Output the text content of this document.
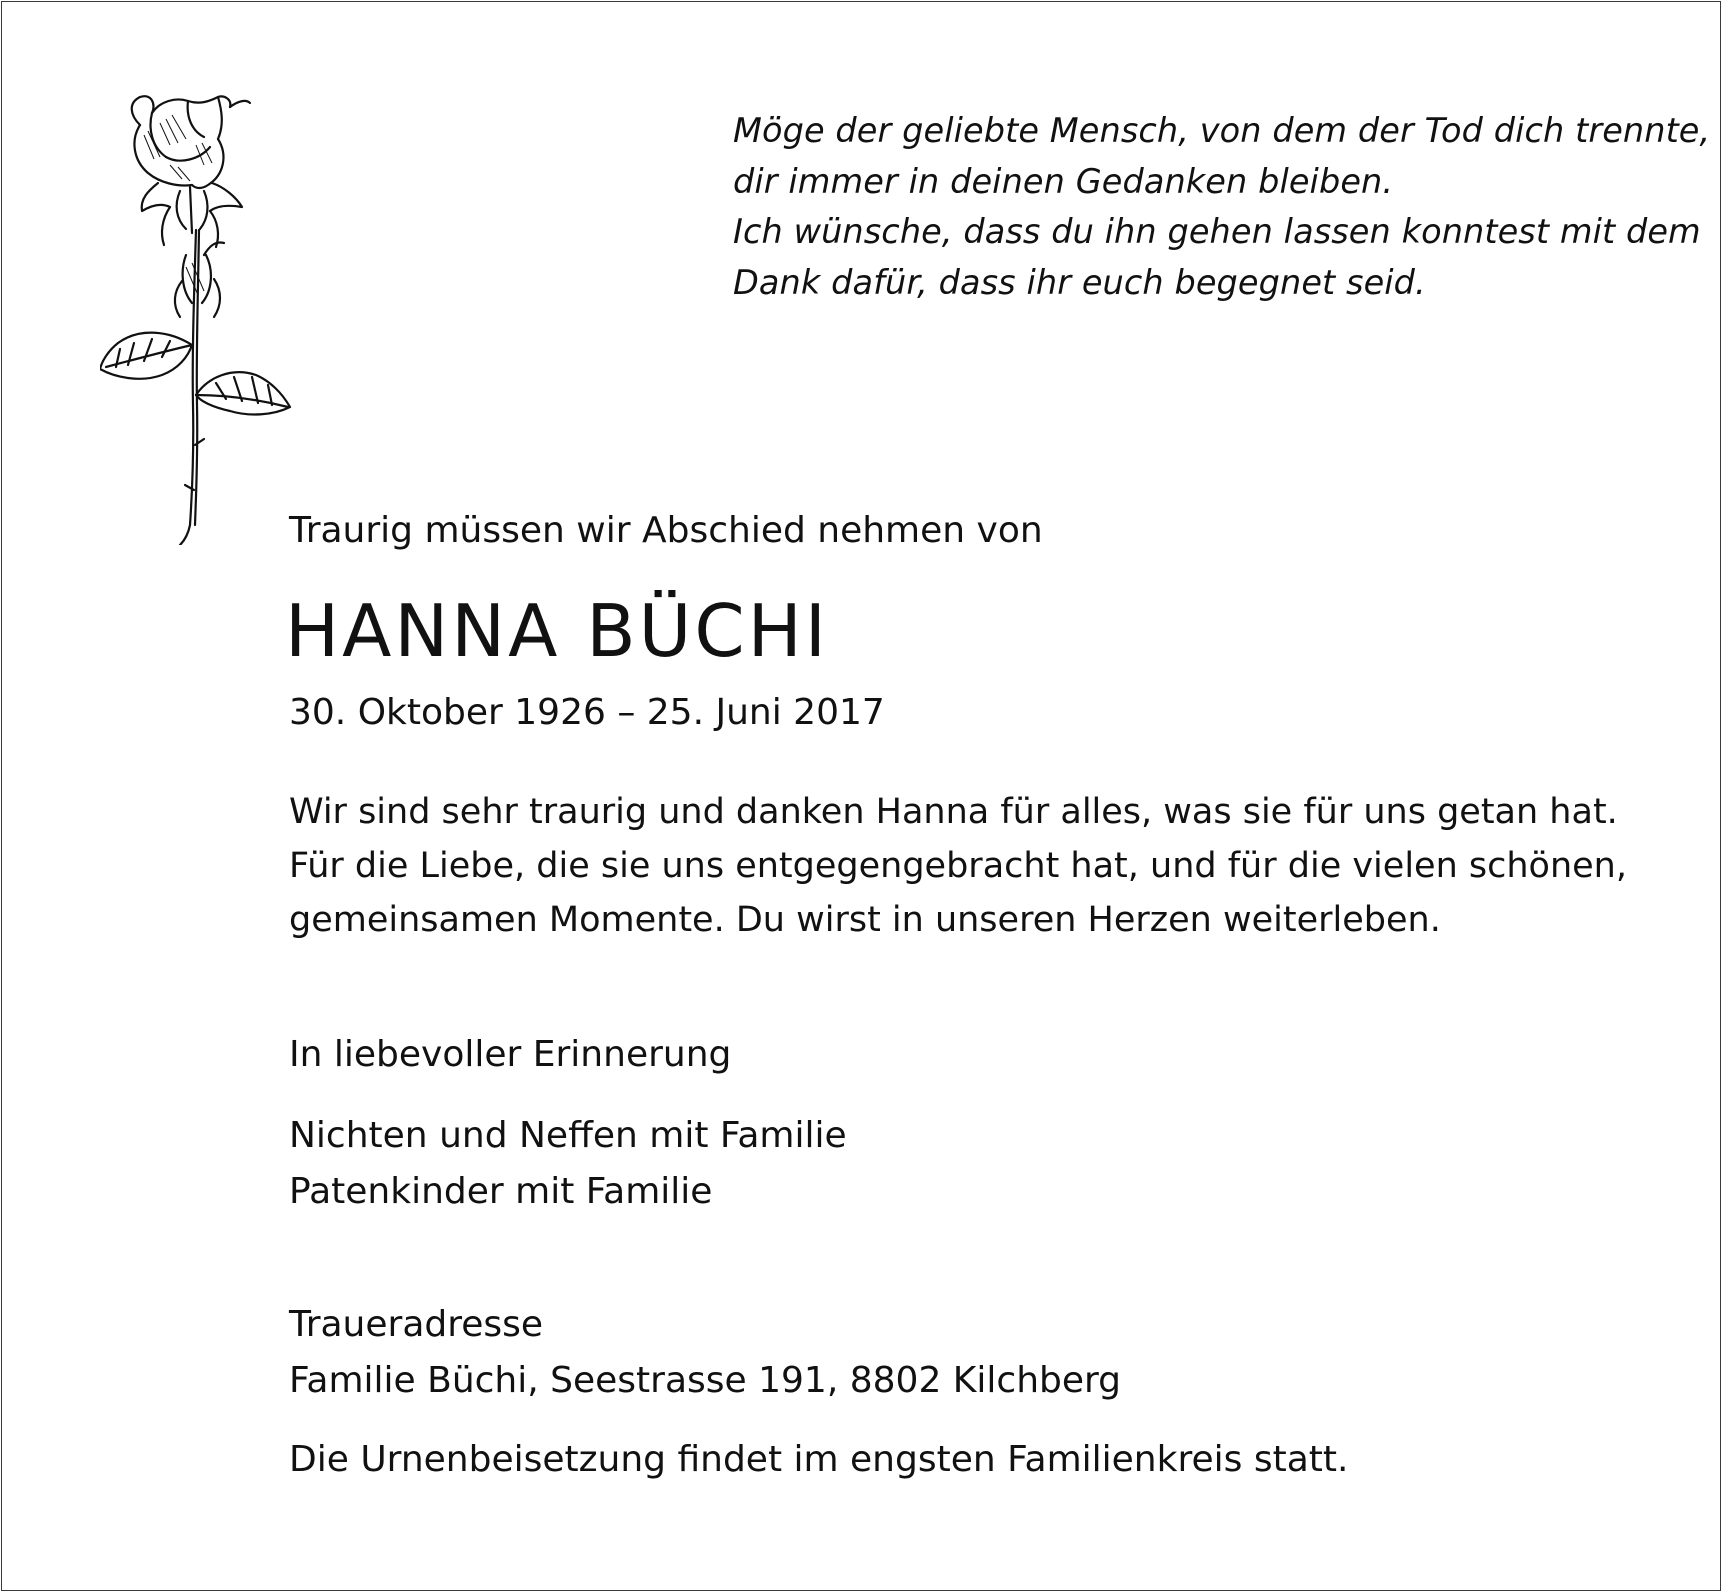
Möge der geliebte Mensch, von dem der Tod dich trennte,
dir immer in deinen Gedanken bleiben.
Ich wünsche, dass du ihn gehen lassen konntest mit dem
Dank dafür, dass ihr euch begegnet seid.
Traurig müssen wir Abschied nehmen von
HANNA BÜCHI
30. Oktober 1926 – 25. Juni 2017
Wir sind sehr traurig und danken Hanna für alles, was sie für uns getan hat.
Für die Liebe, die sie uns entgegengebracht hat, und für die vielen schönen,
gemeinsamen Momente. Du wirst in unseren Herzen weiterleben.
In liebevoller Erinnerung
Nichten und Neffen mit Familie
Patenkinder mit Familie
Traueradresse
Familie Büchi, Seestrasse 191, 8802 Kilchberg
Die Urnenbeisetzung findet im engsten Familienkreis statt.
